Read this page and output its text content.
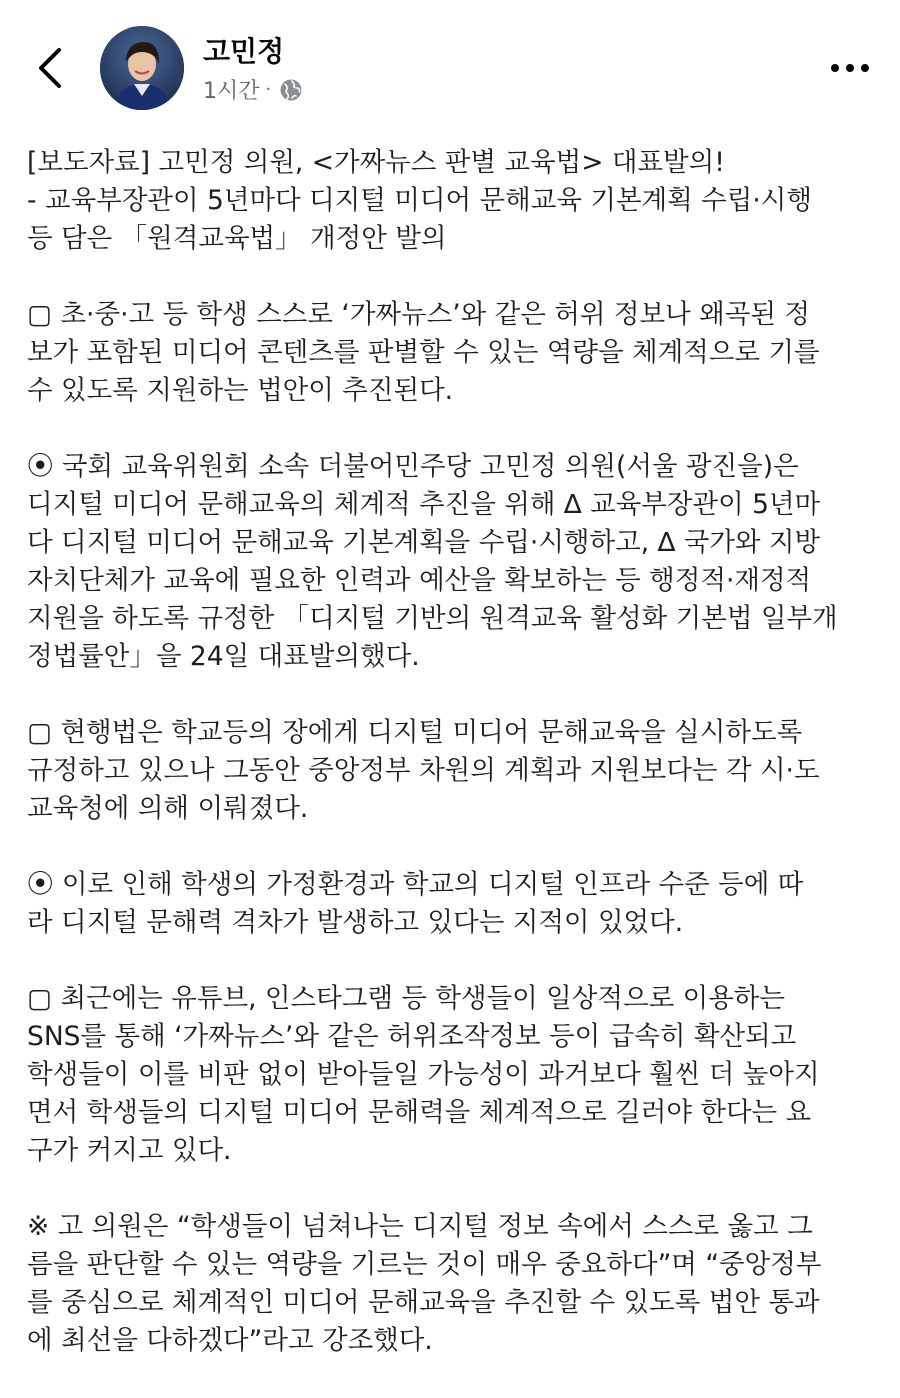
고민정
1시간 ·

[보도자료] 고민정 의원, <가짜뉴스 판별 교육법> 대표발의!
- 교육부장관이 5년마다 디지털 미디어 문해교육 기본계획 수립·시행
등 담은 「원격교육법」 개정안 발의

▢ 초·중·고 등 학생 스스로 ‘가짜뉴스’와 같은 허위 정보나 왜곡된 정
보가 포함된 미디어 콘텐츠를 판별할 수 있는 역량을 체계적으로 기를
수 있도록 지원하는 법안이 추진된다.

⦿ 국회 교육위원회 소속 더불어민주당 고민정 의원(서울 광진을)은
디지털 미디어 문해교육의 체계적 추진을 위해 ∆ 교육부장관이 5년마
다 디지털 미디어 문해교육 기본계획을 수립·시행하고, ∆ 국가와 지방
자치단체가 교육에 필요한 인력과 예산을 확보하는 등 행정적·재정적
지원을 하도록 규정한 「디지털 기반의 원격교육 활성화 기본법 일부개
정법률안」을 24일 대표발의했다.

▢ 현행법은 학교등의 장에게 디지털 미디어 문해교육을 실시하도록
규정하고 있으나 그동안 중앙정부 차원의 계획과 지원보다는 각 시·도
교육청에 의해 이뤄졌다.

⦿ 이로 인해 학생의 가정환경과 학교의 디지털 인프라 수준 등에 따
라 디지털 문해력 격차가 발생하고 있다는 지적이 있었다.

▢ 최근에는 유튜브, 인스타그램 등 학생들이 일상적으로 이용하는
SNS를 통해 ‘가짜뉴스’와 같은 허위조작정보 등이 급속히 확산되고
학생들이 이를 비판 없이 받아들일 가능성이 과거보다 훨씬 더 높아지
면서 학생들의 디지털 미디어 문해력을 체계적으로 길러야 한다는 요
구가 커지고 있다.

※ 고 의원은 “학생들이 넘쳐나는 디지털 정보 속에서 스스로 옳고 그
름을 판단할 수 있는 역량을 기르는 것이 매우 중요하다”며 “중앙정부
를 중심으로 체계적인 미디어 문해교육을 추진할 수 있도록 법안 통과
에 최선을 다하겠다”라고 강조했다.
